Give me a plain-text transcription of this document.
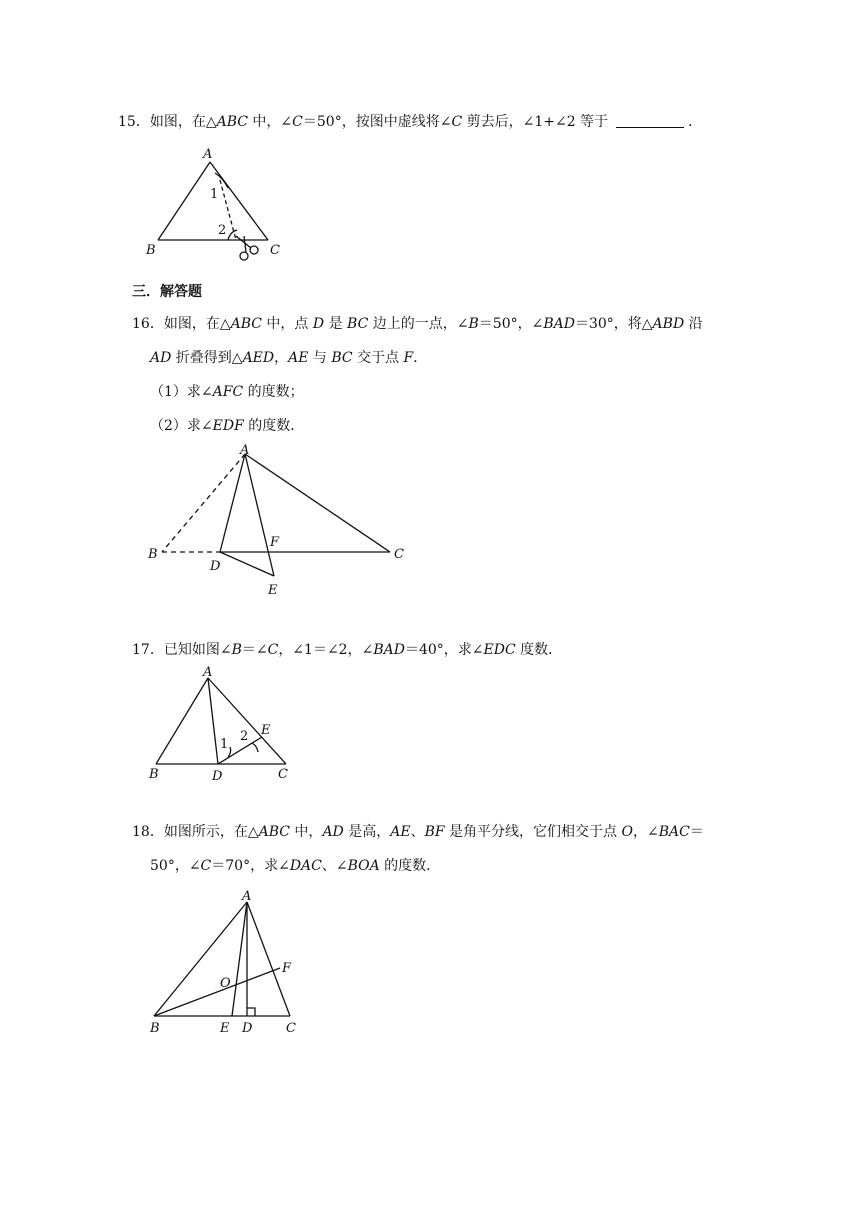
15．如图，在△ABC 中，∠C＝50°，按图中虚线将∠C 剪去后，∠1+∠2 等于	．
A
B	C
1
2
三．解答题
16．如图，在△ABC 中，点 D 是 BC 边上的一点，∠B＝50°，∠BAD＝30°，将△ABD 沿
AD 折叠得到△AED，AE 与 BC 交于点 F．
（1）求∠AFC 的度数；
（2）求∠EDF 的度数．
A
B	C
D
E
F
17．已知如图∠B＝∠C，∠1＝∠2，∠BAD＝40°，求∠EDC 度数．
A
B	C
D
E
1
2
18．如图所示，在△ABC 中，AD 是高，AE、BF 是角平分线，它们相交于点 O，∠BAC＝
50°，∠C＝70°，求∠DAC、∠BOA 的度数．
A
B	C
D
E
F
O
